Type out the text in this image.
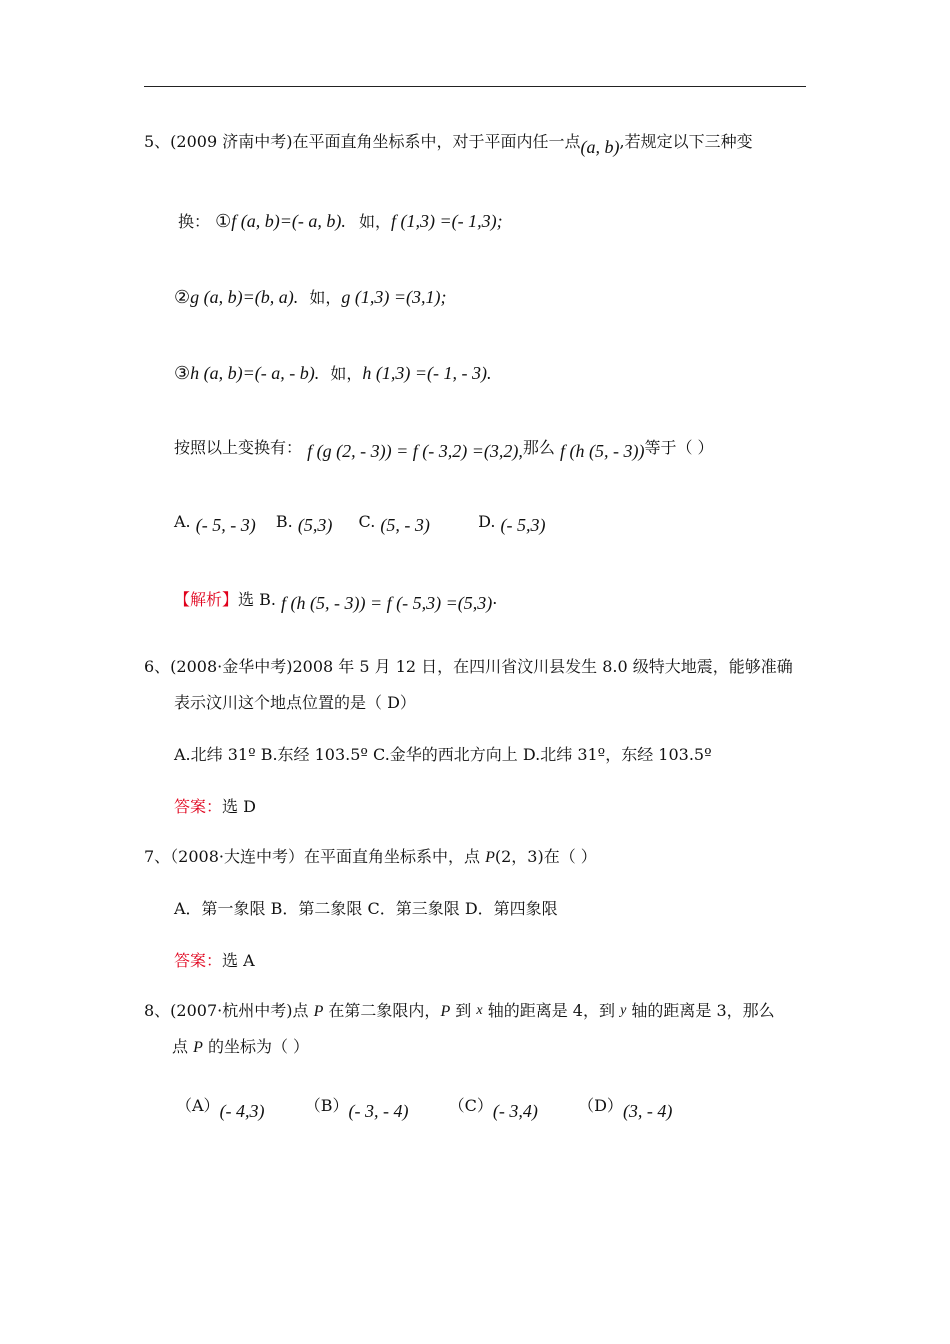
5、(2009 济南中考)在平面直角坐标系中，对于平面内任一点(a, b),若规定以下三种变
换： ①f (a, b)=(- a, b). 如，f (1,3) =(- 1,3);
②g (a, b)=(b, a). 如，g (1,3) =(3,1);
③h (a, b)=(- a, - b). 如，h (1,3) =(- 1, - 3).
按照以上变换有： f (g (2, - 3)) = f (- 3,2) =(3,2),那么 f (h (5, - 3))等于（ ）
A. (- 5, - 3) B. (5,3) C. (5, - 3)	D. (- 5,3)
【解析】选 B. f (h (5, - 3)) = f (- 5,3) =(5,3)·
6、(2008·金华中考)2008 年 5 月 12 日，在四川省汶川县发生 8.0 级特大地震，能够准确
表示汶川这个地点位置的是（ D）
A.北纬 31º B.东经 103.5º C.金华的西北方向上 D.北纬 31º，东经 103.5º
答案：选 D
7、（2008·大连中考）在平面直角坐标系中，点 P(2，3)在（ ）
A．第一象限 B．第二象限 C．第三象限 D．第四象限
答案：选 A
8、(2007·杭州中考)点 P 在第二象限内，P 到 x 轴的距离是 4，到 y 轴的距离是 3，那么
点 P 的坐标为（ ）
（A）(- 4,3)	（B）(- 3, - 4)	（C）(- 3,4)	（D）(3, - 4)
